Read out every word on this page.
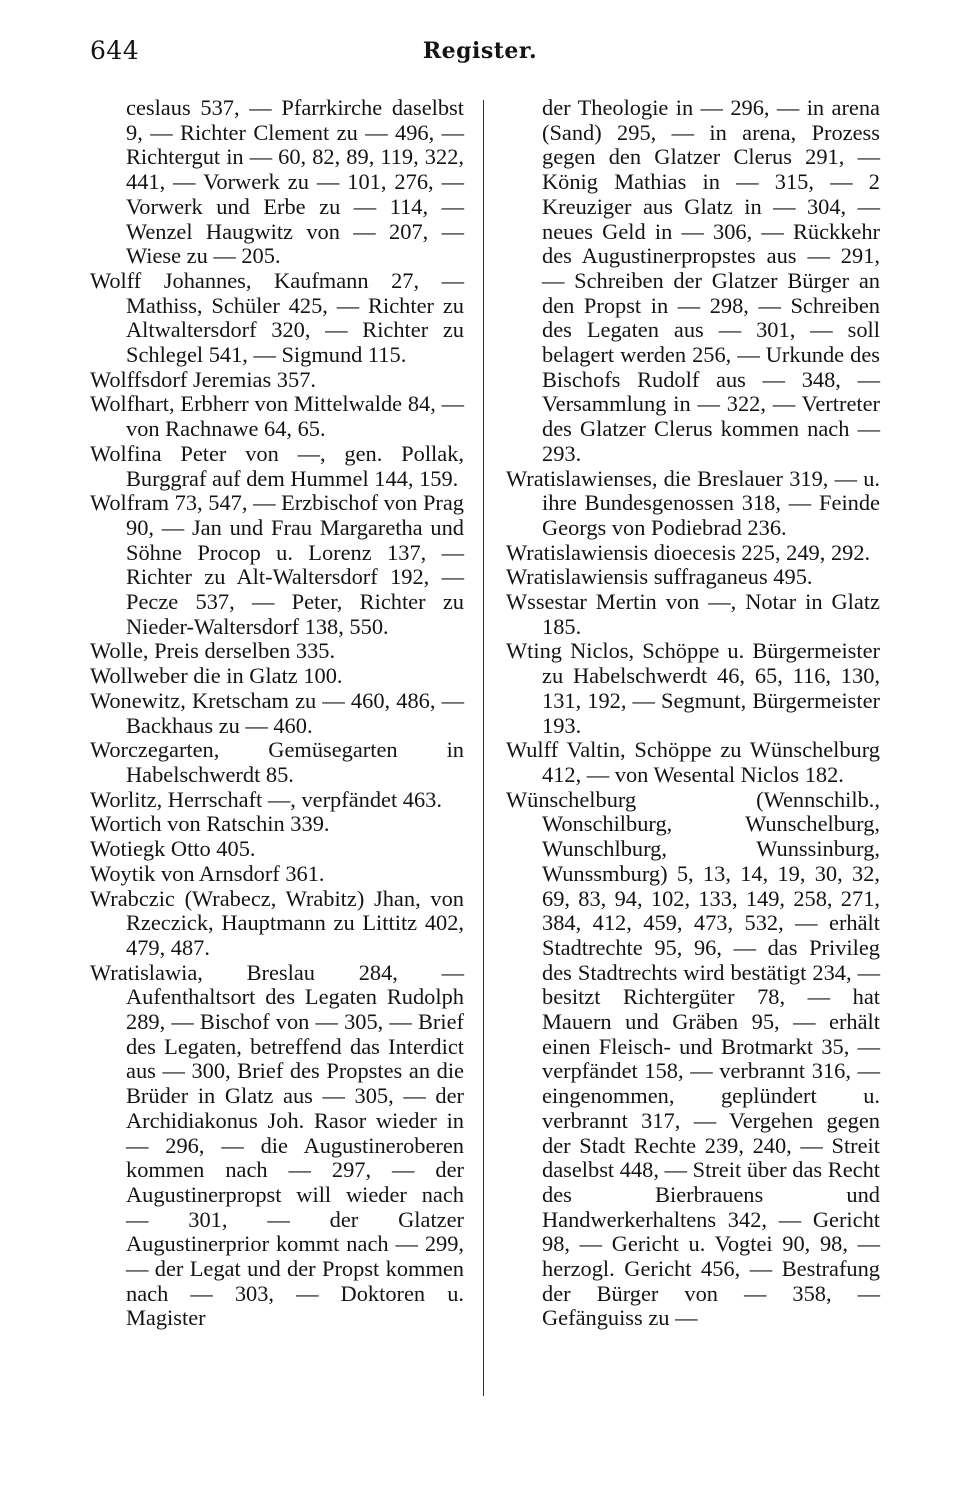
644	Register.

ceslaus 537, — Pfarrkirche daselbst 9, — Richter Clement zu — 496, — Richtergut in — 60, 82, 89, 119, 322, 441, — Vorwerk zu — 101, 276, — Vorwerk und Erbe zu — 114, — Wenzel Haugwitz von — 207, — Wiese zu — 205.

Wolff Johannes, Kaufmann 27, — Mathiss, Schüler 425, — Richter zu Altwaltersdorf 320, — Richter zu Schlegel 541, — Sigmund 115.

Wolffsdorf Jeremias 357.

Wolfhart, Erbherr von Mittelwalde 84, — von Rachnawe 64, 65.

Wolfina Peter von —, gen. Pollak, Burggraf auf dem Hummel 144, 159.

Wolfram 73, 547, — Erzbischof von Prag 90, — Jan und Frau Margaretha und Söhne Procop u. Lorenz 137, — Richter zu Alt-Waltersdorf 192, — Pecze 537, — Peter, Richter zu Nieder-Waltersdorf 138, 550.

Wolle, Preis derselben 335.

Wollweber die in Glatz 100.

Wonewitz, Kretscham zu — 460, 486, — Backhaus zu — 460.

Worczegarten, Gemüsegarten in Habelschwerdt 85.

Worlitz, Herrschaft —, verpfändet 463.

Wortich von Ratschin 339.

Wotiegk Otto 405.

Woytik von Arnsdorf 361.

Wrabczic (Wrabecz, Wrabitz) Jhan, von Rzeczick, Hauptmann zu Littitz 402, 479, 487.

Wratislawia, Breslau 284, — Aufenthaltsort des Legaten Rudolph 289, — Bischof von — 305, — Brief des Legaten, betreffend das Interdict aus — 300, Brief des Propstes an die Brüder in Glatz aus — 305, — der Archidiakonus Joh. Rasor wieder in — 296, — die Augustineroberen kommen nach — 297, — der Augustinerpropst will wieder nach — 301, — der Glatzer Augustinerprior kommt nach — 299, — der Legat und der Propst kommen nach — 303, — Doktoren u. Magister

der Theologie in — 296, — in arena (Sand) 295, — in arena, Prozess gegen den Glatzer Clerus 291, — König Mathias in — 315, — 2 Kreuziger aus Glatz in — 304, — neues Geld in — 306, — Rückkehr des Augustinerpropstes aus — 291, — Schreiben der Glatzer Bürger an den Propst in — 298, — Schreiben des Legaten aus — 301, — soll belagert werden 256, — Urkunde des Bischofs Rudolf aus — 348, — Versammlung in — 322, — Vertreter des Glatzer Clerus kommen nach — 293.

Wratislawienses, die Breslauer 319, — u. ihre Bundesgenossen 318, — Feinde Georgs von Podiebrad 236.

Wratislawiensis dioecesis 225, 249, 292.

Wratislawiensis suffraganeus 495.

Wssestar Mertin von —, Notar in Glatz 185.

Wting Niclos, Schöppe u. Bürgermeister zu Habelschwerdt 46, 65, 116, 130, 131, 192, — Segmunt, Bürgermeister 193.

Wulff Valtin, Schöppe zu Wünschelburg 412, — von Wesental Niclos 182.

Wünschelburg (Wennschilb., Wonschilburg, Wunschelburg, Wunschlburg, Wunssinburg, Wunssmburg) 5, 13, 14, 19, 30, 32, 69, 83, 94, 102, 133, 149, 258, 271, 384, 412, 459, 473, 532, — erhält Stadtrechte 95, 96, — das Privileg des Stadtrechts wird bestätigt 234, — besitzt Richtergüter 78, — hat Mauern und Gräben 95, — erhält einen Fleisch- und Brotmarkt 35, — verpfändet 158, — verbrannt 316, — eingenommen, geplündert u. verbrannt 317, — Vergehen gegen der Stadt Rechte 239, 240, — Streit daselbst 448, — Streit über das Recht des Bierbrauens und Handwerkerhaltens 342, — Gericht 98, — Gericht u. Vogtei 90, 98, — herzogl. Gericht 456, — Bestrafung der Bürger von — 358, — Gefänguiss zu —
